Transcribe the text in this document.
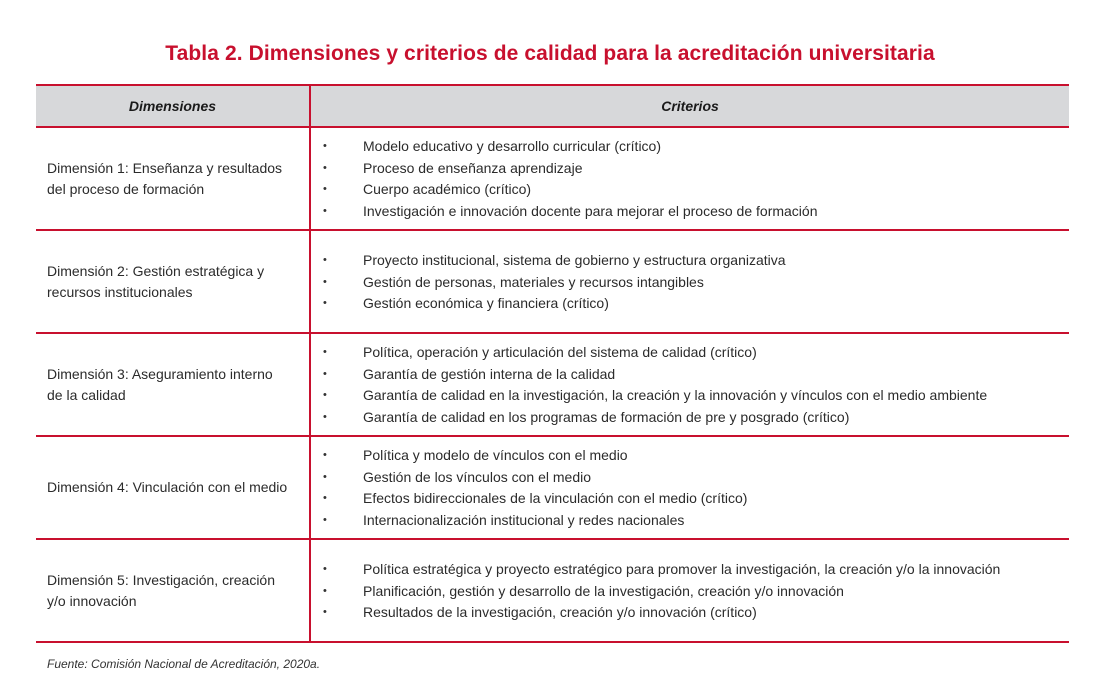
Tabla 2. Dimensiones y criterios de calidad para la acreditación universitaria
Dimensiones	Criterios
Dimensión 1: Enseñanza y resultados del proceso de formación
•	Modelo educativo y desarrollo curricular (crítico)
•	Proceso de enseñanza aprendizaje
•	Cuerpo académico (crítico)
•	Investigación e innovación docente para mejorar el proceso de formación
Dimensión 2: Gestión estratégica y recursos institucionales
•	Proyecto institucional, sistema de gobierno y estructura organizativa
•	Gestión de personas, materiales y recursos intangibles
•	Gestión económica y financiera (crítico)
Dimensión 3: Aseguramiento interno de la calidad
•	Política, operación y articulación del sistema de calidad (crítico)
•	Garantía de gestión interna de la calidad
•	Garantía de calidad en la investigación, la creación y la innovación y vínculos con el medio ambiente
•	Garantía de calidad en los programas de formación de pre y posgrado (crítico)
Dimensión 4: Vinculación con el medio
•	Política y modelo de vínculos con el medio
•	Gestión de los vínculos con el medio
•	Efectos bidireccionales de la vinculación con el medio (crítico)
•	Internacionalización institucional y redes nacionales
Dimensión 5: Investigación, creación y/o innovación
•	Política estratégica y proyecto estratégico para promover la investigación, la creación y/o la innovación
•	Planificación, gestión y desarrollo de la investigación, creación y/o innovación
•	Resultados de la investigación, creación y/o innovación (crítico)
Fuente: Comisión Nacional de Acreditación, 2020a.
